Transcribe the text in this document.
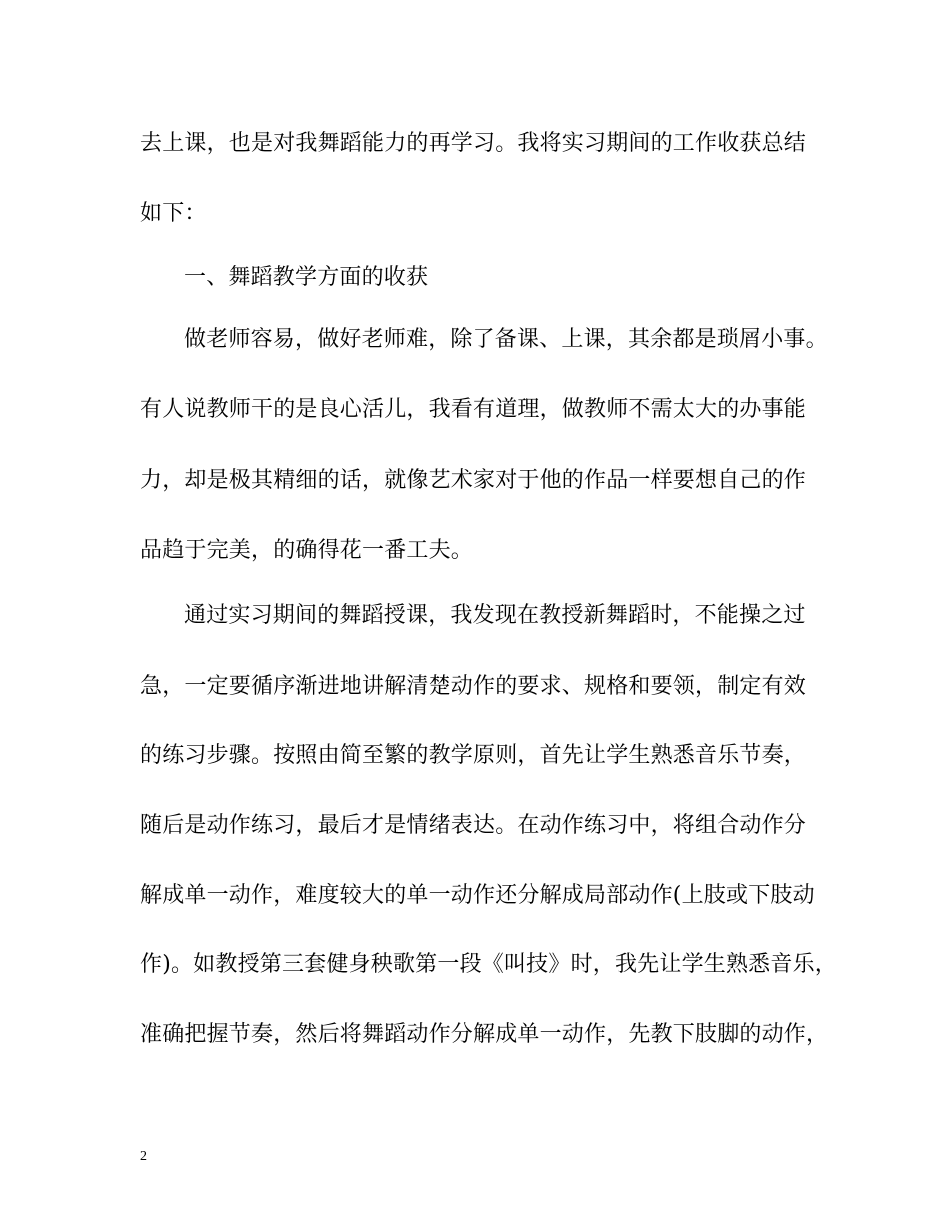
去上课，也是对我舞蹈能力的再学习。我将实习期间的工作收获总结
如下：
一、舞蹈教学方面的收获
做老师容易，做好老师难，除了备课、上课，其余都是琐屑小事。
有人说教师干的是良心活儿，我看有道理，做教师不需太大的办事能
力，却是极其精细的话，就像艺术家对于他的作品一样要想自己的作
品趋于完美，的确得花一番工夫。
通过实习期间的舞蹈授课，我发现在教授新舞蹈时，不能操之过
急，一定要循序渐进地讲解清楚动作的要求、规格和要领，制定有效
的练习步骤。按照由简至繁的教学原则，首先让学生熟悉音乐节奏，
随后是动作练习，最后才是情绪表达。在动作练习中，将组合动作分
解成单一动作，难度较大的单一动作还分解成局部动作(上肢或下肢动
作)。如教授第三套健身秧歌第一段《叫技》时，我先让学生熟悉音乐，
准确把握节奏，然后将舞蹈动作分解成单一动作，先教下肢脚的动作，
2
